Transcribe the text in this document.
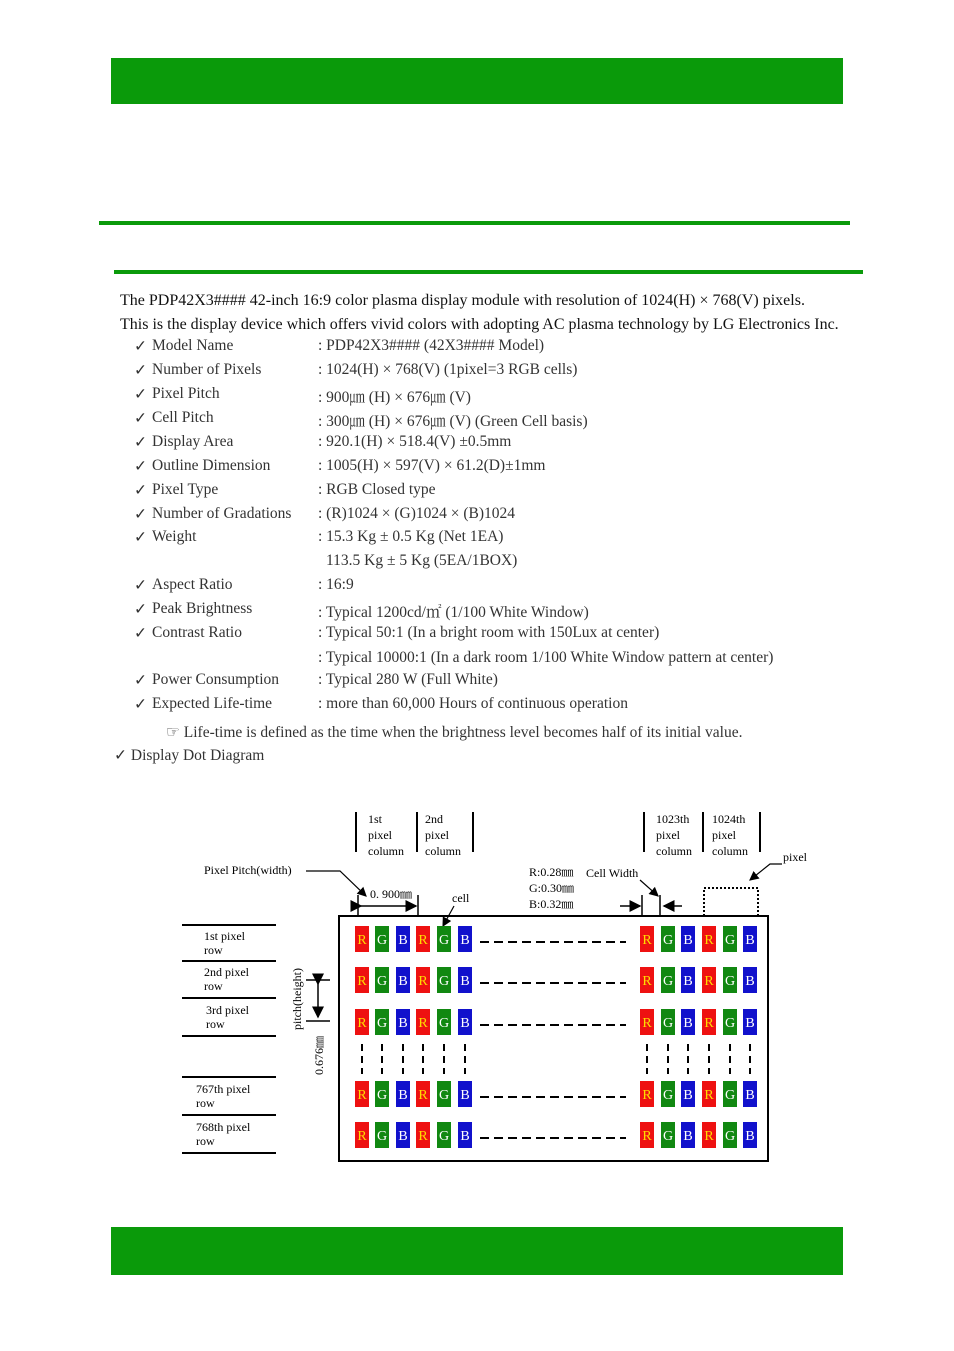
The PDP42X3#### 42-inch 16:9 color plasma display module with resolution of 1024(H) × 768(V) pixels.
This is the display device which offers vivid colors with adopting AC plasma technology by LG Electronics Inc.
✓ Model Name	: PDP42X3#### (42X3#### Model)
✓ Number of Pixels	: 1024(H) × 768(V) (1pixel=3 RGB cells)
✓ Pixel Pitch	: 900㎛ (H) × 676㎛ (V)
✓ Cell Pitch	: 300㎛ (H) × 676㎛ (V) (Green Cell basis)
✓ Display Area	: 920.1(H) × 518.4(V) ±0.5mm
✓ Outline Dimension	: 1005(H) × 597(V) × 61.2(D)±1mm
✓ Pixel Type	: RGB Closed type
✓ Number of Gradations : (R)1024 × (G)1024 × (B)1024
✓ Weight	: 15.3 Kg ± 0.5 Kg (Net 1EA)
113.5 Kg ± 5 Kg (5EA/1BOX)
✓ Aspect Ratio	: 16:9
✓ Peak Brightness	: Typical 1200cd/㎡ (1/100 White Window)
✓ Contrast Ratio	: Typical 50:1 (In a bright room with 150Lux at center)
: Typical 10000:1 (In a dark room 1/100 White Window pattern at center)
✓ Power Consumption	: Typical 280 W (Full White)
✓ Expected Life-time	: more than 60,000 Hours of continuous operation
☞ Life-time is defined as the time when the brightness level becomes half of its initial value.
✓ Display Dot Diagram
1st
pixel
column
2nd
pixel
column
1023th
pixel
column
1024th
pixel
column
Pixel Pitch(width)
0. 900㎜	cell
R:0.28㎜
G:0.30㎜
B:0.32㎜
Cell Width
pixel
1st pixel
row
2nd pixel
row
3rd pixel
row
767th pixel
row
768th pixel
row
pitch(height)
0.676㎜
R G B R G B	R G B R G B
R G B R G B	R G B R G B
R G B R G B	R G B R G B
R G B R G B	R G B R G B
R G B R G B	R G B R G B
